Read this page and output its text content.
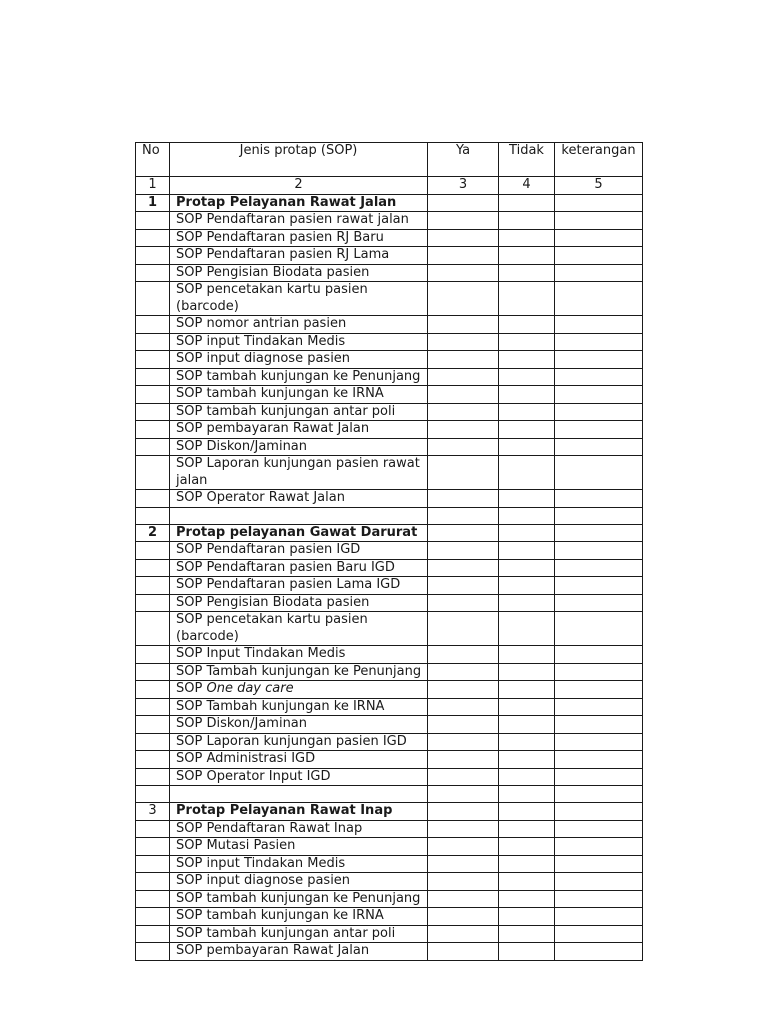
No	Jenis protap (SOP)	Ya	Tidak	keterangan
1	2	3	4	5
1	Protap Pelayanan Rawat Jalan			
	SOP Pendaftaran pasien rawat jalan			
	SOP Pendaftaran pasien RJ Baru			
	SOP Pendaftaran pasien RJ Lama			
	SOP Pengisian Biodata pasien			
	SOP pencetakan kartu pasien (barcode)			
	SOP nomor antrian pasien			
	SOP input Tindakan Medis			
	SOP input diagnose pasien			
	SOP tambah kunjungan ke Penunjang			
	SOP tambah kunjungan ke IRNA			
	SOP tambah kunjungan antar poli			
	SOP pembayaran Rawat Jalan			
	SOP Diskon/Jaminan			
	SOP Laporan kunjungan pasien rawat jalan			
	SOP Operator Rawat Jalan			

2	Protap pelayanan Gawat Darurat			
	SOP Pendaftaran pasien IGD			
	SOP Pendaftaran pasien Baru IGD			
	SOP Pendaftaran pasien Lama IGD			
	SOP Pengisian Biodata pasien			
	SOP pencetakan kartu pasien (barcode)			
	SOP Input Tindakan Medis			
	SOP Tambah kunjungan ke Penunjang			
	SOP One day care			
	SOP Tambah kunjungan ke IRNA			
	SOP Diskon/Jaminan			
	SOP Laporan kunjungan pasien IGD			
	SOP Administrasi IGD			
	SOP Operator Input IGD			

3	Protap Pelayanan Rawat Inap			
	SOP Pendaftaran Rawat Inap			
	SOP Mutasi Pasien			
	SOP input Tindakan Medis			
	SOP input diagnose pasien			
	SOP tambah kunjungan ke Penunjang			
	SOP tambah kunjungan ke IRNA			
	SOP tambah kunjungan antar poli			
	SOP pembayaran Rawat Jalan			
